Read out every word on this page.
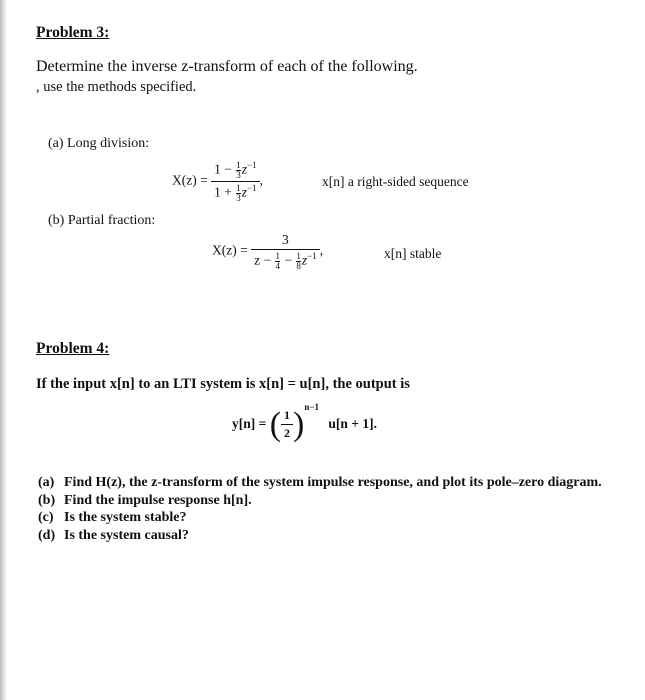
Problem 3:
Determine the inverse z-transform of each of the following.
, use the methods specified.
(a) Long division:
$X(z) = \frac{1 - \frac{1}{3} z^{-1}}{1 + \frac{1}{3} z^{-1}}$ ,	x[n] a right-sided sequence
(b) Partial fraction:
$X(z) = \frac{3}{z - \frac{1}{4} - \frac{1}{8} z^{-1}}$ ,	x[n] stable
Problem 4:
If the input x[n] to an LTI system is x[n] = u[n], the output is
y[n] = ( $\frac{1}{2} )^{n-1}$ u[n + 1].
(a) Find H(z), the z-transform of the system impulse response, and plot its pole–zero diagram.
(b) Find the impulse response h[n].
(c) Is the system stable?
(d) Is the system causal?
